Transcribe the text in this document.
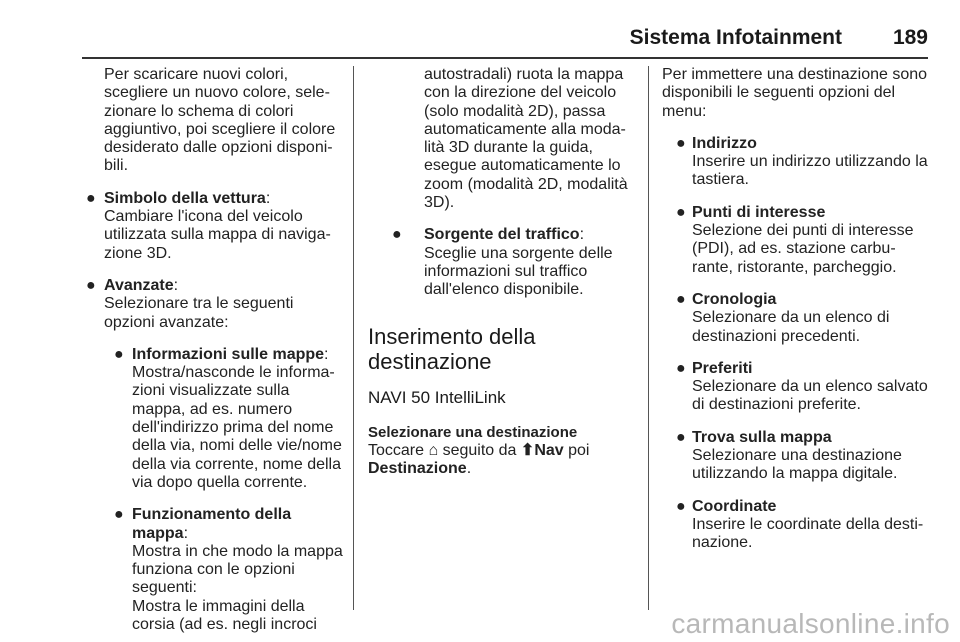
Sistema Infotainment 189

Per scaricare nuovi colori, scegliere un nuovo colore, sele-zionare lo schema di colori aggiuntivo, poi scegliere il colore desiderato dalle opzioni disponi-bili.

● Simbolo della vettura:

Cambiare l'icona del veicolo utilizzata sulla mappa di naviga-zione 3D.

● Avanzate:

Selezionare tra le seguenti opzioni avanzate:

● Informazioni sulle mappe:

Mostra/nasconde le informa-zioni visualizzate sulla mappa, ad es. numero dell'indirizzo prima del nome della via, nomi delle vie/nome della via corrente, nome della via dopo quella corrente.

● Funzionamento della mappa:

Mostra in che modo la mappa funziona con le opzioni seguenti:

Mostra le immagini della corsia (ad es. negli incroci

autostradali) ruota la mappa con la direzione del veicolo (solo modalità 2D), passa automaticamente alla moda-lità 3D durante la guida, esegue automaticamente lo zoom (modalità 2D, modalità 3D).

●	Sorgente del traffico:

Sceglie una sorgente delle informazioni sul traffico dall'elenco disponibile.

Inserimento della destinazione
NAVI 50 IntelliLink
Selezionare una destinazione

Toccare ⌂ seguito da ⬆Nav poi Destinazione.

Per immettere una destinazione sono disponibili le seguenti opzioni del menu:

● Indirizzo

Inserire un indirizzo utilizzando la tastiera.

● Punti di interesse

Selezione dei punti di interesse (PDI), ad es. stazione carbu-rante, ristorante, parcheggio.

● Cronologia

Selezionare da un elenco di destinazioni precedenti.

● Preferiti

Selezionare da un elenco salvato di destinazioni preferite.

● Trova sulla mappa

Selezionare una destinazione utilizzando la mappa digitale.

● Coordinate

Inserire le coordinate della desti-nazione.

carmanualsonline.info
